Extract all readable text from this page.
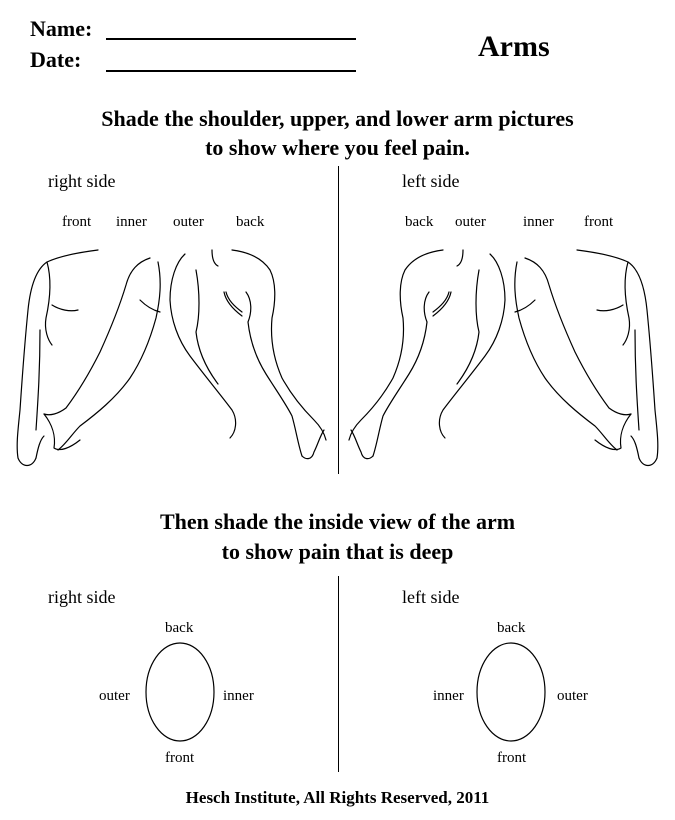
Name:
Date:	Arms
Shade the shoulder, upper, and lower arm pictures
to show where you feel pain.
right side	left side
front inner outer back	back outer inner front
Then shade the inside view of the arm
to show pain that is deep
right side	left side
back
outer	inner
front
back
inner	outer
front
Hesch Institute, All Rights Reserved, 2011
